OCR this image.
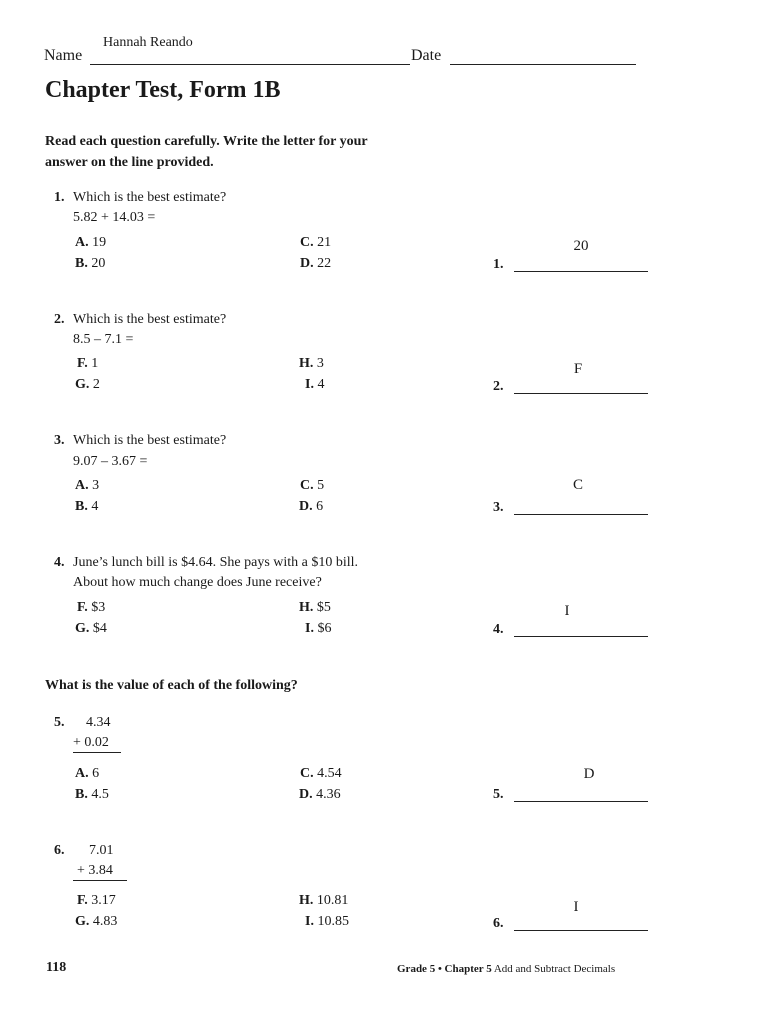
Hannah Reando
Name	Date
Chapter Test, Form 1B
Read each question carefully. Write the letter for your
answer on the line provided.
1. Which is the best estimate?
5.82 + 14.03 =
A. 19	C. 21
B. 20	D. 22
20
1.
2. Which is the best estimate?
8.5 – 7.1 =
F. 1	H. 3
G. 2	I. 4
F
2.
3. Which is the best estimate?
9.07 – 3.67 =
A. 3	C. 5
B. 4	D. 6
C
3.
4. June’s lunch bill is $4.64. She pays with a $10 bill.
About how much change does June receive?
F. $3	H. $5
G. $4	I. $6
I
4.
What is the value of each of the following?
5. 4.34
+ 0.02
A. 6	C. 4.54
B. 4.5	D. 4.36
D
5.
6. 7.01
+ 3.84
F. 3.17	H. 10.81
G. 4.83	I. 10.85
I
6.
118	Grade 5 • Chapter 5 Add and Subtract Decimals
